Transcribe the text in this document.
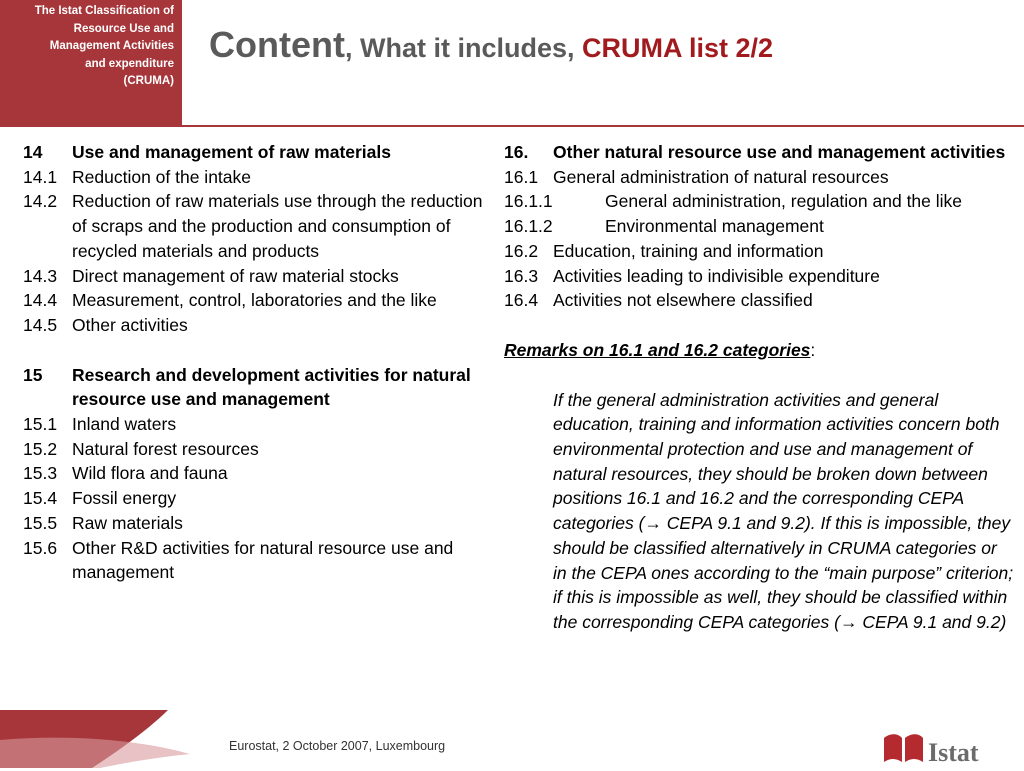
The Istat Classification of
Resource Use and
Management Activities
and expenditure
(CRUMA)
Content, What it includes, CRUMA list 2/2
14	Use and management of raw materials
14.1 Reduction of the intake
14.2 Reduction of raw materials use through the reduction of scraps and the production and consumption of recycled materials and products
14.3 Direct management of raw material stocks
14.4 Measurement, control, laboratories and the like
14.5 Other activities
15	Research and development activities for natural resource use and management
15.1 Inland waters
15.2 Natural forest resources
15.3 Wild flora and fauna
15.4 Fossil energy
15.5 Raw materials
15.6 Other R&D activities for natural resource use and management
16.	Other natural resource use and management activities
16.1 General administration of natural resources
16.1.1	General administration, regulation and the like
16.1.2	Environmental management
16.2 Education, training and information
16.3 Activities leading to indivisible expenditure
16.4 Activities not elsewhere classified
Remarks on 16.1 and 16.2 categories:
If the general administration activities and general education, training and information activities concern both environmental protection and use and management of natural resources, they should be broken down between positions 16.1 and 16.2 and the corresponding CEPA categories (→ CEPA 9.1 and 9.2). If this is impossible, they should be classified alternatively in CRUMA categories or in the CEPA ones according to the “main purpose” criterion; if this is impossible as well, they should be classified within the corresponding CEPA categories (→ CEPA 9.1 and 9.2)
Eurostat, 2 October 2007, Luxembourg	Istat
